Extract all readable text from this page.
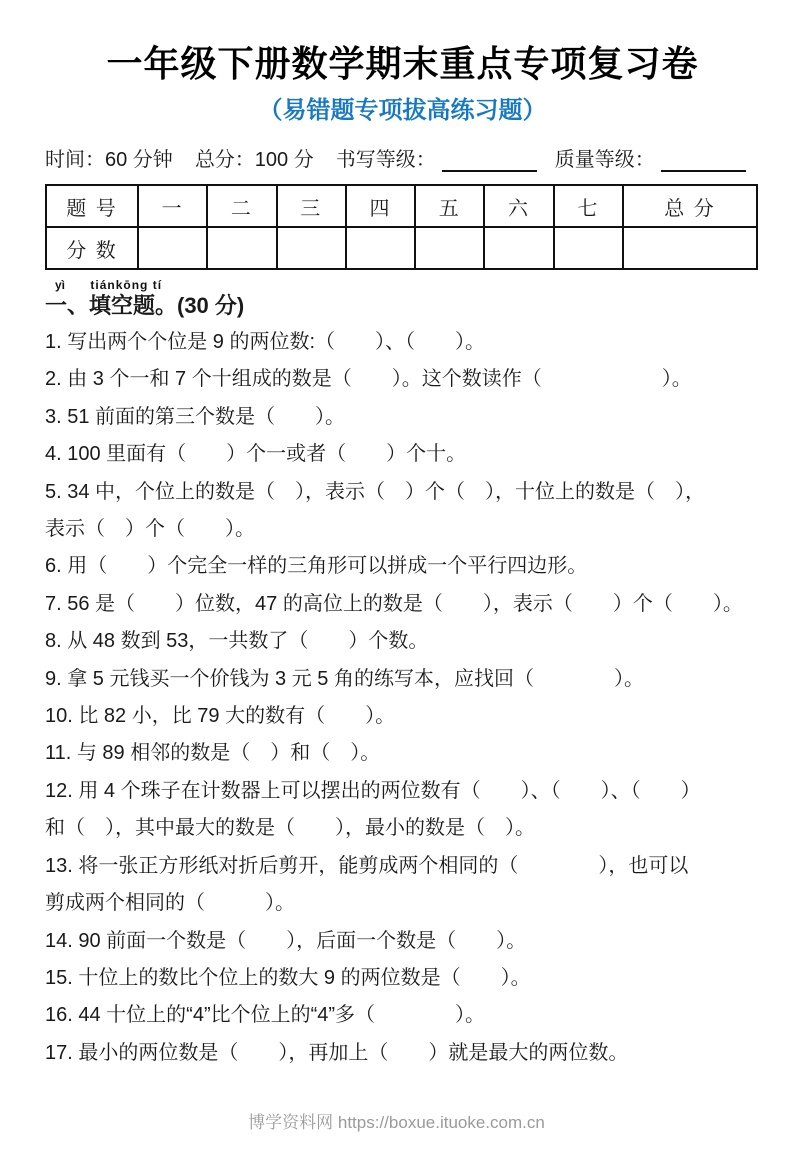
一年级下册数学期末重点专项复习卷
（易错题专项拔高练习题）
时间：60 分钟 总分：100 分 书写等级：	质量等级：
题 号	一	二	三	四	五	六	七	总 分
分 数								
yì tiánkōng tí
一、填空题。(30 分)
1. 写出两个个位是 9 的两位数:（　　）、（　　）。
2. 由 3 个一和 7 个十组成的数是（　　）。这个数读作（　　　　　　）。
3. 51 前面的第三个数是（　　）。
4. 100 里面有（　　）个一或者（　　）个十。
5. 34 中，个位上的数是（　），表示（　）个（　），十位上的数是（　），
表示（　）个（　　）。
6. 用（　　）个完全一样的三角形可以拼成一个平行四边形。
7. 56 是（　　）位数，47 的高位上的数是（　　），表示（　　）个（　　）。
8. 从 48 数到 53，一共数了（　　）个数。
9. 拿 5 元钱买一个价钱为 3 元 5 角的练写本，应找回（　　　　）。
10. 比 82 小，比 79 大的数有（　　）。
11. 与 89 相邻的数是（　）和（　）。
12. 用 4 个珠子在计数器上可以摆出的两位数有（　　）、（　　）、（　　）
和（　），其中最大的数是（　　），最小的数是（　）。
13. 将一张正方形纸对折后剪开，能剪成两个相同的（　　　　），也可以
剪成两个相同的（　　　）。
14. 90 前面一个数是（　　），后面一个数是（　　）。
15. 十位上的数比个位上的数大 9 的两位数是（　　）。
16. 44 十位上的“4”比个位上的“4”多（　　　　）。
17. 最小的两位数是（　　），再加上（　　）就是最大的两位数。
博学资料网 https://boxue.ituoke.com.cn
